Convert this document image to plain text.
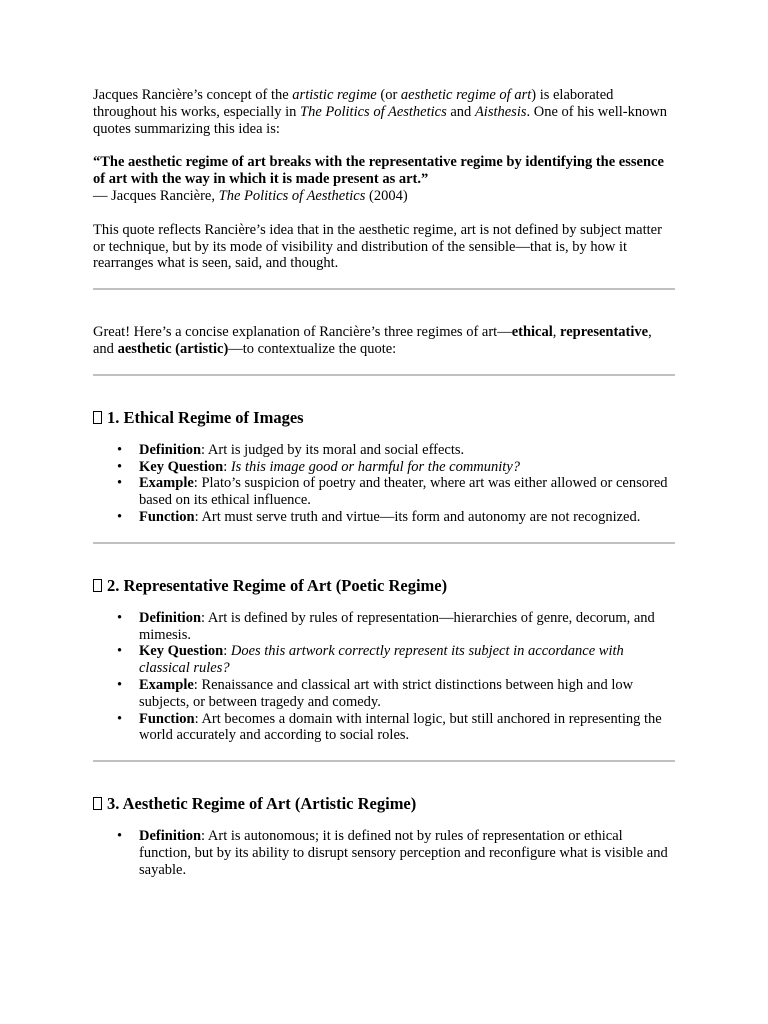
Jacques Rancière’s concept of the artistic regime (or aesthetic regime of art) is elaborated throughout his works, especially in The Politics of Aesthetics and Aisthesis. One of his well-known quotes summarizing this idea is:

“The aesthetic regime of art breaks with the representative regime by identifying the essence of art with the way in which it is made present as art.”

— Jacques Rancière, The Politics of Aesthetics (2004)

This quote reflects Rancière’s idea that in the aesthetic regime, art is not defined by subject matter or technique, but by its mode of visibility and distribution of the sensible—that is, by how it rearranges what is seen, said, and thought.

Great! Here’s a concise explanation of Rancière’s three regimes of art—ethical, representative, and aesthetic (artistic)—to contextualize the quote:

1. Ethical Regime of Images
• Definition: Art is judged by its moral and social effects.
• Key Question: Is this image good or harmful for the community?
• Example: Plato’s suspicion of poetry and theater, where art was either allowed or censored based on its ethical influence.
• Function: Art must serve truth and virtue—its form and autonomy are not recognized.
2. Representative Regime of Art (Poetic Regime)
• Definition: Art is defined by rules of representation—hierarchies of genre, decorum, and mimesis.
• Key Question: Does this artwork correctly represent its subject in accordance with classical rules?
• Example: Renaissance and classical art with strict distinctions between high and low subjects, or between tragedy and comedy.
• Function: Art becomes a domain with internal logic, but still anchored in representing the world accurately and according to social roles.
3. Aesthetic Regime of Art (Artistic Regime)
• Definition: Art is autonomous; it is defined not by rules of representation or ethical function, but by its ability to disrupt sensory perception and reconfigure what is visible and sayable.
